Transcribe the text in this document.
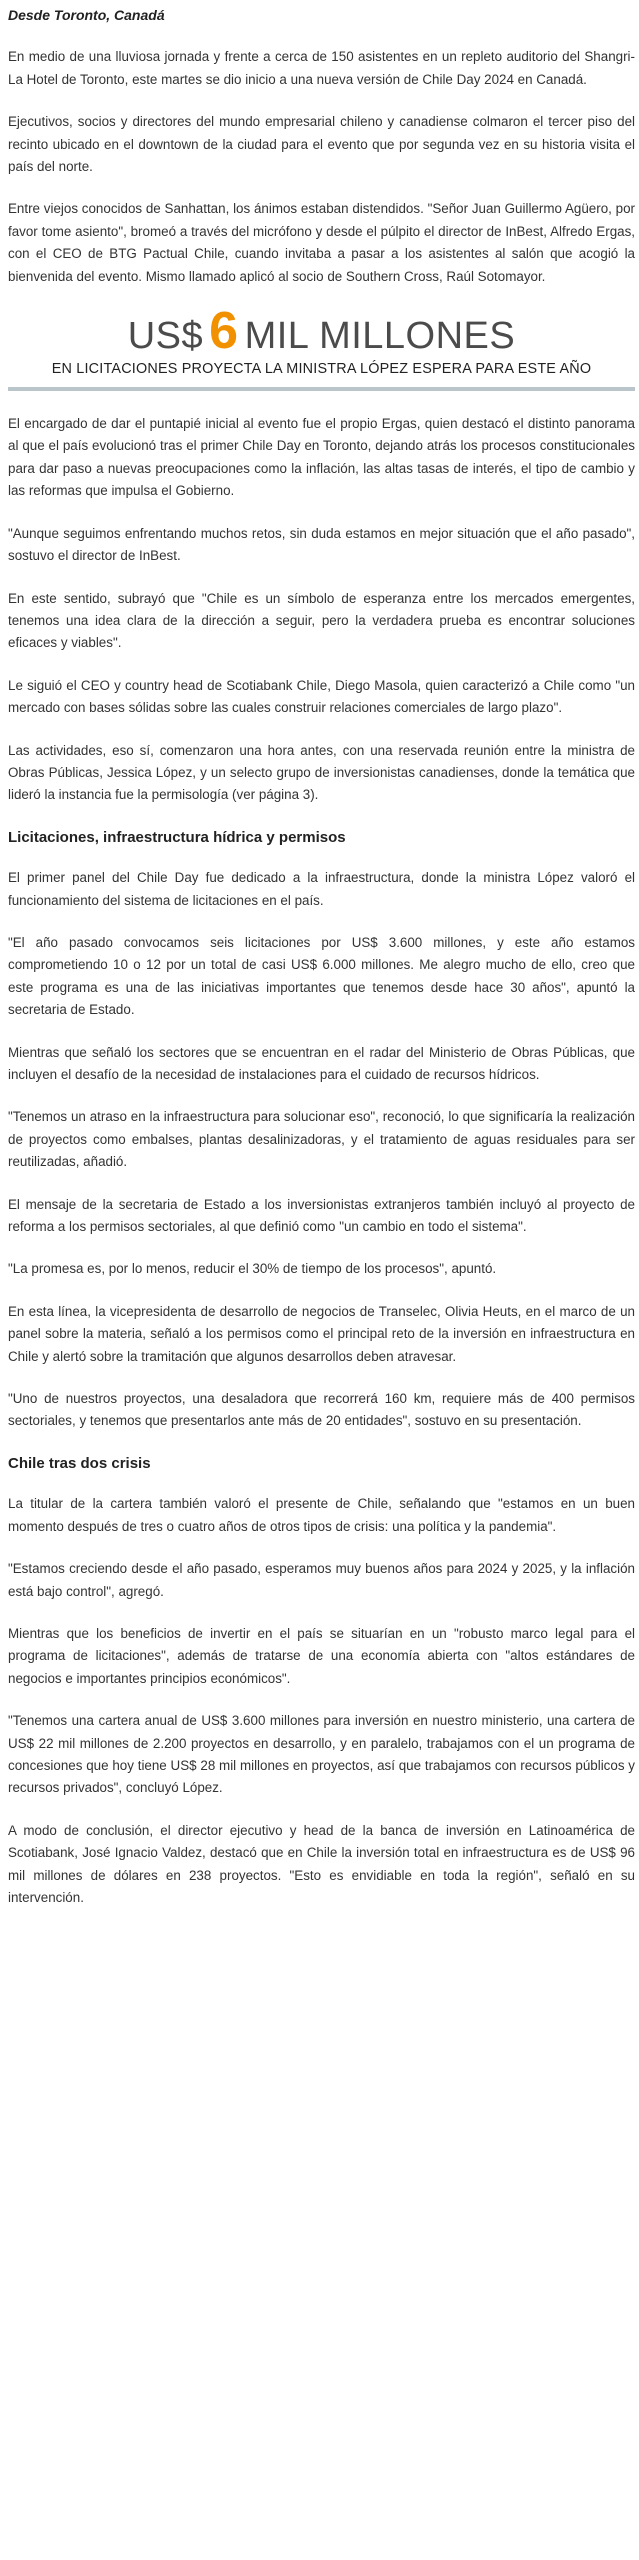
Desde Toronto, Canadá

En medio de una lluviosa jornada y frente a cerca de 150 asistentes en un repleto auditorio del Shangri-La Hotel de Toronto, este martes se dio inicio a una nueva versión de Chile Day 2024 en Canadá.

Ejecutivos, socios y directores del mundo empresarial chileno y canadiense colmaron el tercer piso del recinto ubicado en el downtown de la ciudad para el evento que por segunda vez en su historia visita el país del norte.

Entre viejos conocidos de Sanhattan, los ánimos estaban distendidos. "Señor Juan Guillermo Agüero, por favor tome asiento", bromeó a través del micrófono y desde el púlpito el director de InBest, Alfredo Ergas, con el CEO de BTG Pactual Chile, cuando invitaba a pasar a los asistentes al salón que acogió la bienvenida del evento. Mismo llamado aplicó al socio de Southern Cross, Raúl Sotomayor.

US$ 6 MIL MILLONES
EN LICITACIONES PROYECTA LA MINISTRA LÓPEZ ESPERA PARA ESTE AÑO

El encargado de dar el puntapié inicial al evento fue el propio Ergas, quien destacó el distinto panorama al que el país evolucionó tras el primer Chile Day en Toronto, dejando atrás los procesos constitucionales para dar paso a nuevas preocupaciones como la inflación, las altas tasas de interés, el tipo de cambio y las reformas que impulsa el Gobierno.

"Aunque seguimos enfrentando muchos retos, sin duda estamos en mejor situación que el año pasado", sostuvo el director de InBest.

En este sentido, subrayó que "Chile es un símbolo de esperanza entre los mercados emergentes, tenemos una idea clara de la dirección a seguir, pero la verdadera prueba es encontrar soluciones eficaces y viables".

Le siguió el CEO y country head de Scotiabank Chile, Diego Masola, quien caracterizó a Chile como "un mercado con bases sólidas sobre las cuales construir relaciones comerciales de largo plazo".

Las actividades, eso sí, comenzaron una hora antes, con una reservada reunión entre la ministra de Obras Públicas, Jessica López, y un selecto grupo de inversionistas canadienses, donde la temática que lideró la instancia fue la permisología (ver página 3).

Licitaciones, infraestructura hídrica y permisos

El primer panel del Chile Day fue dedicado a la infraestructura, donde la ministra López valoró el funcionamiento del sistema de licitaciones en el país.

"El año pasado convocamos seis licitaciones por US$ 3.600 millones, y este año estamos comprometiendo 10 o 12 por un total de casi US$ 6.000 millones. Me alegro mucho de ello, creo que este programa es una de las iniciativas importantes que tenemos desde hace 30 años", apuntó la secretaria de Estado.

Mientras que señaló los sectores que se encuentran en el radar del Ministerio de Obras Públicas, que incluyen el desafío de la necesidad de instalaciones para el cuidado de recursos hídricos.

"Tenemos un atraso en la infraestructura para solucionar eso", reconoció, lo que significaría la realización de proyectos como embalses, plantas desalinizadoras, y el tratamiento de aguas residuales para ser reutilizadas, añadió.

El mensaje de la secretaria de Estado a los inversionistas extranjeros también incluyó al proyecto de reforma a los permisos sectoriales, al que definió como "un cambio en todo el sistema".

"La promesa es, por lo menos, reducir el 30% de tiempo de los procesos", apuntó.

En esta línea, la vicepresidenta de desarrollo de negocios de Transelec, Olivia Heuts, en el marco de un panel sobre la materia, señaló a los permisos como el principal reto de la inversión en infraestructura en Chile y alertó sobre la tramitación que algunos desarrollos deben atravesar.

"Uno de nuestros proyectos, una desaladora que recorrerá 160 km, requiere más de 400 permisos sectoriales, y tenemos que presentarlos ante más de 20 entidades", sostuvo en su presentación.

Chile tras dos crisis

La titular de la cartera también valoró el presente de Chile, señalando que "estamos en un buen momento después de tres o cuatro años de otros tipos de crisis: una política y la pandemia".

"Estamos creciendo desde el año pasado, esperamos muy buenos años para 2024 y 2025, y la inflación está bajo control", agregó.

Mientras que los beneficios de invertir en el país se situarían en un "robusto marco legal para el programa de licitaciones", además de tratarse de una economía abierta con "altos estándares de negocios e importantes principios económicos".

"Tenemos una cartera anual de US$ 3.600 millones para inversión en nuestro ministerio, una cartera de US$ 22 mil millones de 2.200 proyectos en desarrollo, y en paralelo, trabajamos con el un programa de concesiones que hoy tiene US$ 28 mil millones en proyectos, así que trabajamos con recursos públicos y recursos privados", concluyó López.

A modo de conclusión, el director ejecutivo y head de la banca de inversión en Latinoamérica de Scotiabank, José Ignacio Valdez, destacó que en Chile la inversión total en infraestructura es de US$ 96 mil millones de dólares en 238 proyectos. "Esto es envidiable en toda la región", señaló en su intervención.
